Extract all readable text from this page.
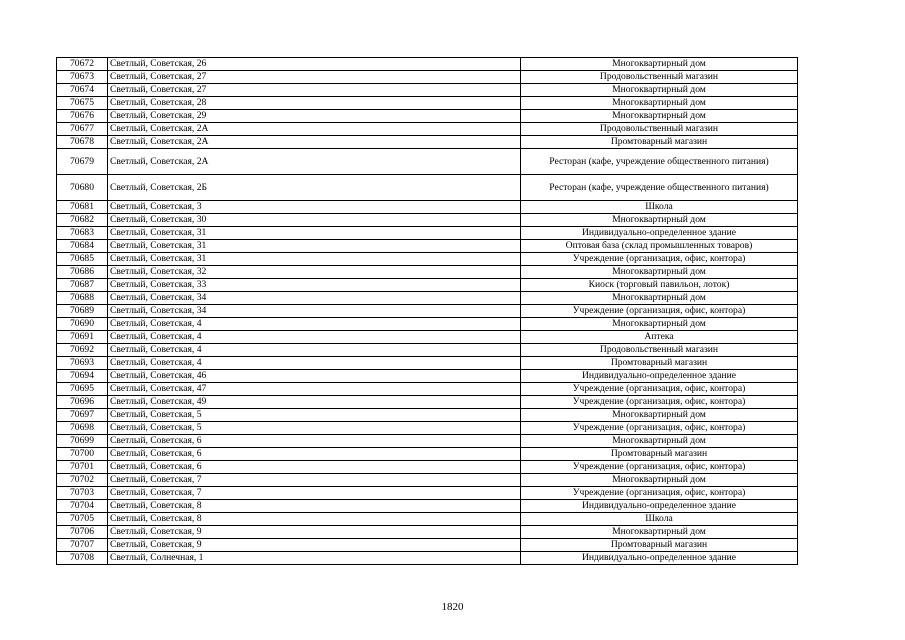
70672	Светлый, Советская, 26	Многоквартирный дом
70673	Светлый, Советская, 27	Продовольственный магазин
70674	Светлый, Советская, 27	Многоквартирный дом
70675	Светлый, Советская, 28	Многоквартирный дом
70676	Светлый, Советская, 29	Многоквартирный дом
70677	Светлый, Советская, 2А	Продовольственный магазин
70678	Светлый, Советская, 2А	Промтоварный магазин
70679	Светлый, Советская, 2А	Ресторан (кафе, учреждение общественного питания)
70680	Светлый, Советская, 2Б	Ресторан (кафе, учреждение общественного питания)
70681	Светлый, Советская, 3	Школа
70682	Светлый, Советская, 30	Многоквартирный дом
70683	Светлый, Советская, 31	Индивидуально-определенное здание
70684	Светлый, Советская, 31	Оптовая база (склад промышленных товаров)
70685	Светлый, Советская, 31	Учреждение (организация, офис, контора)
70686	Светлый, Советская, 32	Многоквартирный дом
70687	Светлый, Советская, 33	Киоск (торговый павильон, лоток)
70688	Светлый, Советская, 34	Многоквартирный дом
70689	Светлый, Советская, 34	Учреждение (организация, офис, контора)
70690	Светлый, Советская, 4	Многоквартирный дом
70691	Светлый, Советская, 4	Аптека
70692	Светлый, Советская, 4	Продовольственный магазин
70693	Светлый, Советская, 4	Промтоварный магазин
70694	Светлый, Советская, 46	Индивидуально-определенное здание
70695	Светлый, Советская, 47	Учреждение (организация, офис, контора)
70696	Светлый, Советская, 49	Учреждение (организация, офис, контора)
70697	Светлый, Советская, 5	Многоквартирный дом
70698	Светлый, Советская, 5	Учреждение (организация, офис, контора)
70699	Светлый, Советская, 6	Многоквартирный дом
70700	Светлый, Советская, 6	Промтоварный магазин
70701	Светлый, Советская, 6	Учреждение (организация, офис, контора)
70702	Светлый, Советская, 7	Многоквартирный дом
70703	Светлый, Советская, 7	Учреждение (организация, офис, контора)
70704	Светлый, Советская, 8	Индивидуально-определенное здание
70705	Светлый, Советская, 8	Школа
70706	Светлый, Советская, 9	Многоквартирный дом
70707	Светлый, Советская, 9	Промтоварный магазин
70708	Светлый, Солнечная, 1	Индивидуально-определенное здание
1820
